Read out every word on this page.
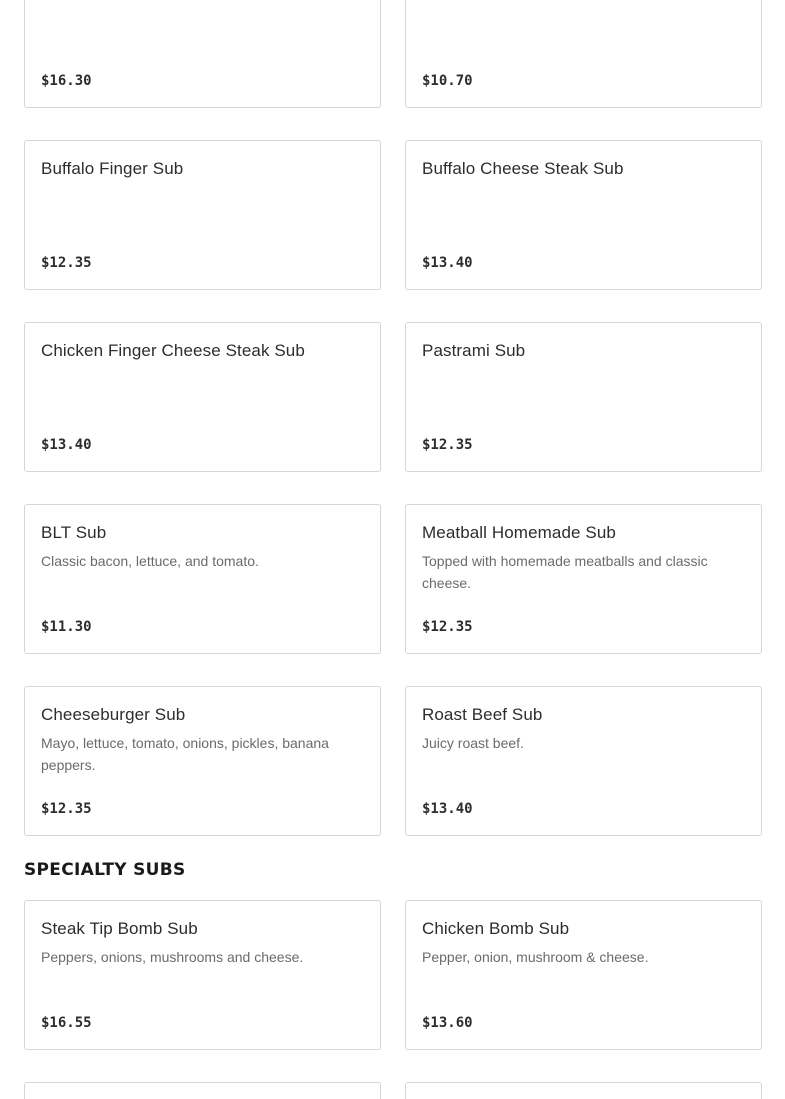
$16.30	$10.70
Buffalo Finger Sub
$12.35
Buffalo Cheese Steak Sub
$13.40
Chicken Finger Cheese Steak Sub
$13.40
Pastrami Sub
$12.35
BLT Sub
Classic bacon, lettuce, and tomato.
$11.30
Meatball Homemade Sub
Topped with homemade meatballs and classic cheese.
$12.35
Cheeseburger Sub
Mayo, lettuce, tomato, onions, pickles, banana peppers.
$12.35
Roast Beef Sub
Juicy roast beef.
$13.40
SPECIALTY SUBS
Steak Tip Bomb Sub
Peppers, onions, mushrooms and cheese.
$16.55
Chicken Bomb Sub
Pepper, onion, mushroom & cheese.
$13.60
